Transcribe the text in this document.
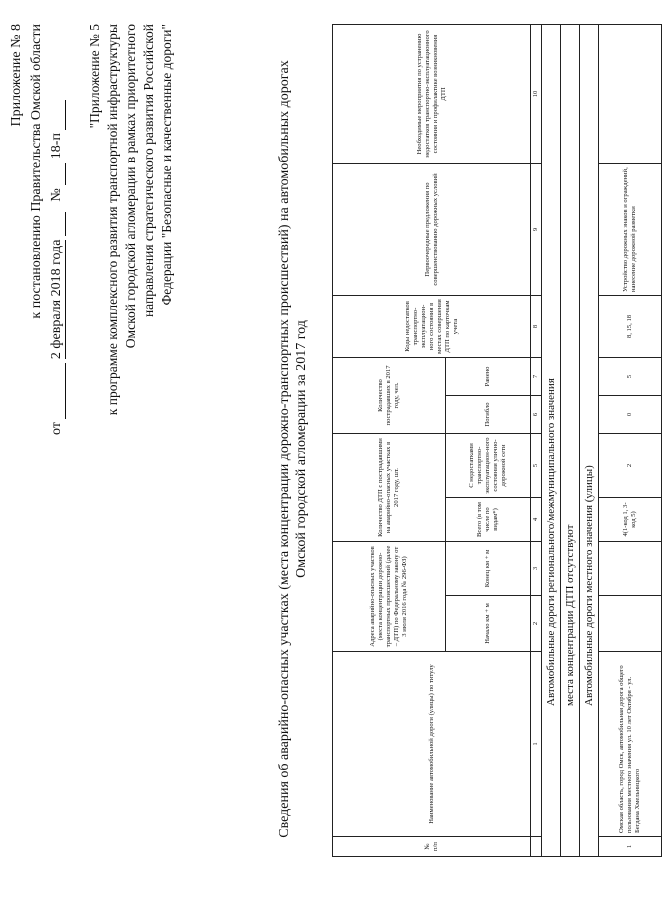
Приложение № 8 к постановлению Правительства Омской области
от   2 февраля 2018 года     №   18-п
"Приложение № 5 к программе комплексного развития транспортной инфраструктуры Омской городской агломерации в рамках приоритетного направления стратегического развития Российской Федерации "Безопасные и качественные дороги"	Сведения об аварийно-опасных участках (места концентрации дорожно-транспортных происшествий) на автомобильных дорогах Омской городской агломерации за 2017 год
№ п/п	Наименование автомобильной дороги (улицы) по титулу	Адреса аварийно-опасных участков (места концентрации дорожно-транспортных происшествий (далее – ДТП) по Федеральному закону от 3 июля 2016 года № 296-ФЗ)		Количество ДТП с пострадавшими на аварийно-опасных участках в 2017 году, шт.		Количество пострадавших в 2017 году, чел.		Коды недостатков транспортно-эксплуатацион-ного состояния в местах совершения ДТП по карточкам учета	Первоочередные предложения по совершенствованию дорожных условий	Необходимые мероприятия по устранению недостатков транспортно-эксплуатационного состояния и профилактике возникновения ДТП
		Начало км + м	Конец км + м	Всего (в том числе по видам*)	С недостатками транспортно-эксплуатацион-ного состояния улично-дорожной сети	Погибло	Ранено			
	1	2	3	4	5	6	7	8	9	10
Автомобильные дороги регионального/межмуниципального значения										
места концентрации ДТП отсутствуют										
Автомобильные дороги местного значения (улицы)										
1	Омская область, город Омск, автомобильная дорога общего пользования местного значения ул. 10 лет Октября - ул. Бегдана Хмельницкого			4(1-код 1, 3-код 5)	2	0	5	8, 15, 18	Устройство дорожных знаков и ограждений, нанесение дорожной разметки	
